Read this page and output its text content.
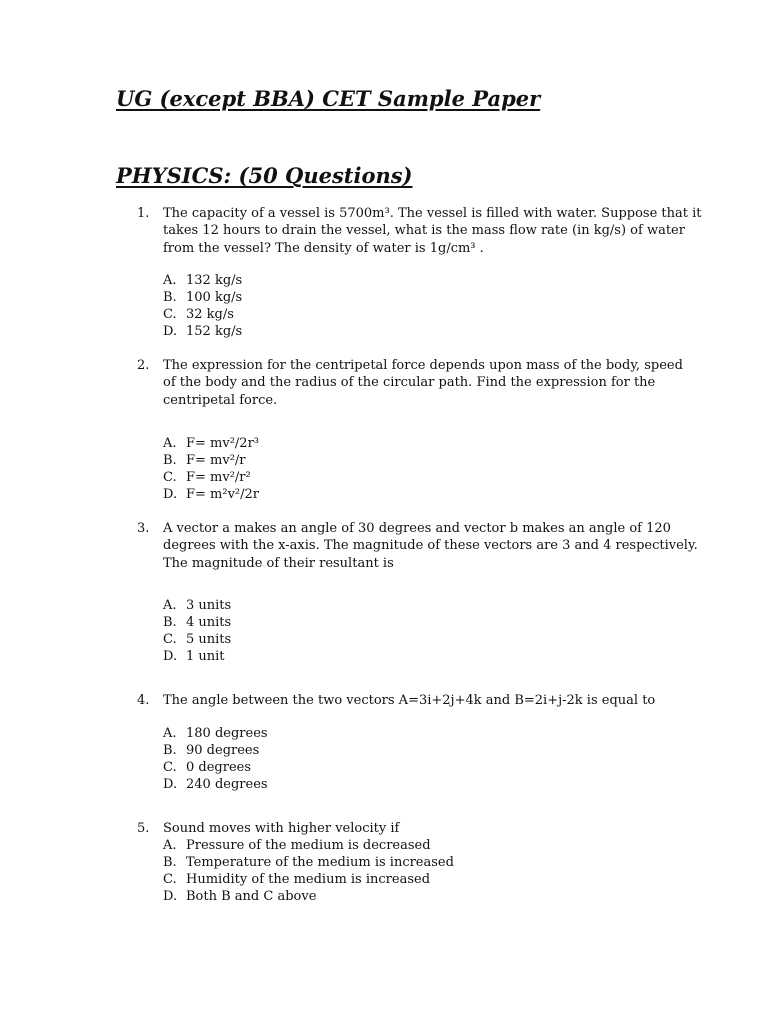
UG (except BBA) CET Sample Paper
PHYSICS: (50 Questions)
1. The capacity of a vessel is 5700m³. The vessel is filled with water. Suppose that it
takes 12 hours to drain the vessel, what is the mass flow rate (in kg/s) of water
from the vessel? The density of water is 1g/cm³ .

A. 132 kg/s
B. 100 kg/s
C. 32 kg/s
D. 152 kg/s
2. The expression for the centripetal force depends upon mass of the body, speed
of the body and the radius of the circular path. Find the expression for the
centripetal force.

A. F= mv²/2r³
B. F= mv²/r
C. F= mv²/r²
D. F= m²v²/2r
3. A vector a makes an angle of 30 degrees and vector b makes an angle of 120
degrees with the x-axis. The magnitude of these vectors are 3 and 4 respectively.
The magnitude of their resultant is

A. 3 units
B. 4 units
C. 5 units
D. 1 unit
4. The angle between the two vectors A=3i+2j+4k and B=2i+j-2k is equal to

A. 180 degrees
B. 90 degrees
C. 0 degrees
D. 240 degrees
5. Sound moves with higher velocity if

A. Pressure of the medium is decreased
B. Temperature of the medium is increased
C. Humidity of the medium is increased
D. Both B and C above
